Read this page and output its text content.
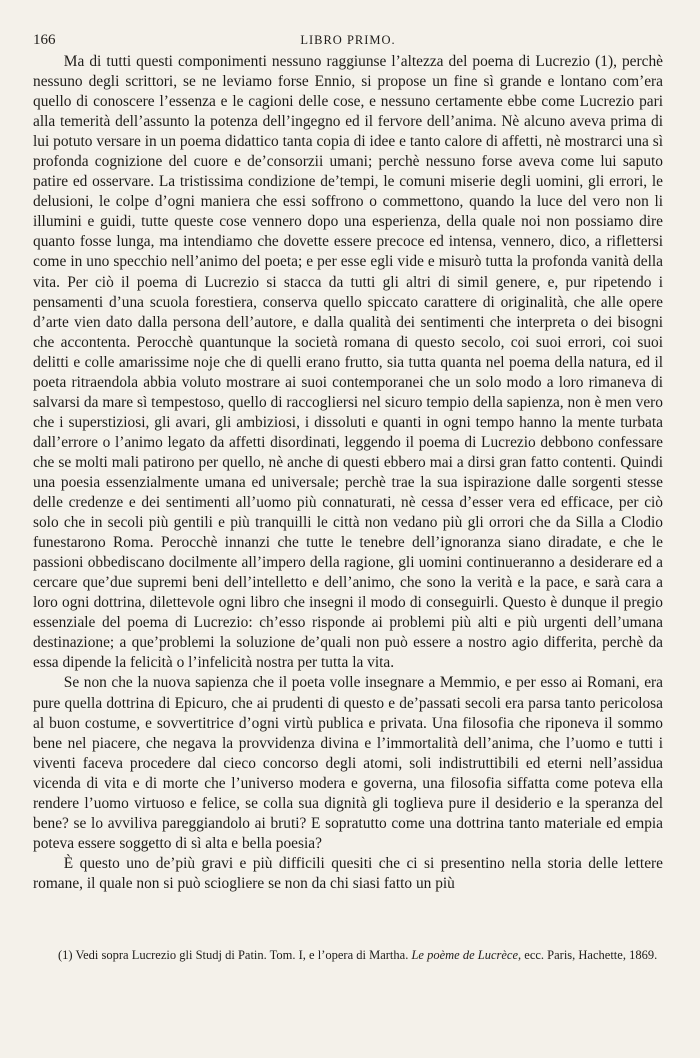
166	LIBRO PRIMO.

Ma di tutti questi componimenti nessuno raggiunse l’altezza del poema di Lucrezio (1), perchè nessuno degli scrittori, se ne leviamo forse Ennio, si propose un fine sì grande e lontano com’era quello di conoscere l’essenza e le cagioni delle cose, e nessuno certamente ebbe come Lucrezio pari alla temerità dell’assunto la potenza dell’ingegno ed il fervore dell’anima. Nè alcuno aveva prima di lui potuto versare in un poema didattico tanta copia di idee e tanto calore di affetti, nè mostrarci una sì profonda cognizione del cuore e de’consorzii umani; perchè nessuno forse aveva come lui saputo patire ed osservare. La tristissima condizione de’tempi, le comuni miserie degli uomini, gli errori, le delusioni, le colpe d’ogni maniera che essi soffrono o commettono, quando la luce del vero non li illumini e guidi, tutte queste cose vennero dopo una esperienza, della quale noi non possiamo dire quanto fosse lunga, ma intendiamo che dovette essere precoce ed intensa, vennero, dico, a riflettersi come in uno specchio nell’animo del poeta; e per esse egli vide e misurò tutta la profonda vanità della vita. Per ciò il poema di Lucrezio si stacca da tutti gli altri di simil genere, e, pur ripetendo i pensamenti d’una scuola forestiera, conserva quello spiccato carattere di originalità, che alle opere d’arte vien dato dalla persona dell’autore, e dalla qualità dei sentimenti che interpreta o dei bisogni che accontenta. Perocchè quantunque la società romana di questo secolo, coi suoi errori, coi suoi delitti e colle amarissime noje che di quelli erano frutto, sia tutta quanta nel poema della natura, ed il poeta ritraendola abbia voluto mostrare ai suoi contemporanei che un solo modo a loro rimaneva di salvarsi da mare sì tempestoso, quello di raccogliersi nel sicuro tempio della sapienza, non è men vero che i superstiziosi, gli avari, gli ambiziosi, i dissoluti e quanti in ogni tempo hanno la mente turbata dall’errore o l’animo legato da affetti disordinati, leggendo il poema di Lucrezio debbono confessare che se molti mali patirono per quello, nè anche di questi ebbero mai a dirsi gran fatto contenti. Quindi una poesia essenzialmente umana ed universale; perchè trae la sua ispirazione dalle sorgenti stesse delle credenze e dei sentimenti all’uomo più connaturati, nè cessa d’esser vera ed efficace, per ciò solo che in secoli più gentili e più tranquilli le città non vedano più gli orrori che da Silla a Clodio funestarono Roma. Perocchè innanzi che tutte le tenebre dell’ignoranza siano diradate, e che le passioni obbediscano docilmente all’impero della ragione, gli uomini continueranno a desiderare ed a cercare que’due supremi beni dell’intelletto e dell’animo, che sono la verità e la pace, e sarà cara a loro ogni dottrina, dilettevole ogni libro che insegni il modo di conseguirli. Questo è dunque il pregio essenziale del poema di Lucrezio: ch’esso risponde ai problemi più alti e più urgenti dell’umana destinazione; a que’problemi la soluzione de’quali non può essere a nostro agio differita, perchè da essa dipende la felicità o l’infelicità nostra per tutta la vita.

Se non che la nuova sapienza che il poeta volle insegnare a Memmio, e per esso ai Romani, era pure quella dottrina di Epicuro, che ai prudenti di questo e de’passati secoli era parsa tanto pericolosa al buon costume, e sovvertitrice d’ogni virtù publica e privata. Una filosofia che riponeva il sommo bene nel piacere, che negava la provvidenza divina e l’immortalità dell’anima, che l’uomo e tutti i viventi faceva procedere dal cieco concorso degli atomi, soli indistruttibili ed eterni nell’assidua vicenda di vita e di morte che l’universo modera e governa, una filosofia siffatta come poteva ella rendere l’uomo virtuoso e felice, se colla sua dignità gli toglieva pure il desiderio e la speranza del bene? se lo avviliva pareggiandolo ai bruti? E sopratutto come una dottrina tanto materiale ed empia poteva essere soggetto di sì alta e bella poesia?

È questo uno de’più gravi e più difficili quesiti che ci si presentino nella storia delle lettere romane, il quale non si può sciogliere se non da chi siasi fatto un più

(1) Vedi sopra Lucrezio gli Studj di Patin. Tom. I, e l’opera di Martha. Le poème de Lucrèce, ecc. Paris, Hachette, 1869.
